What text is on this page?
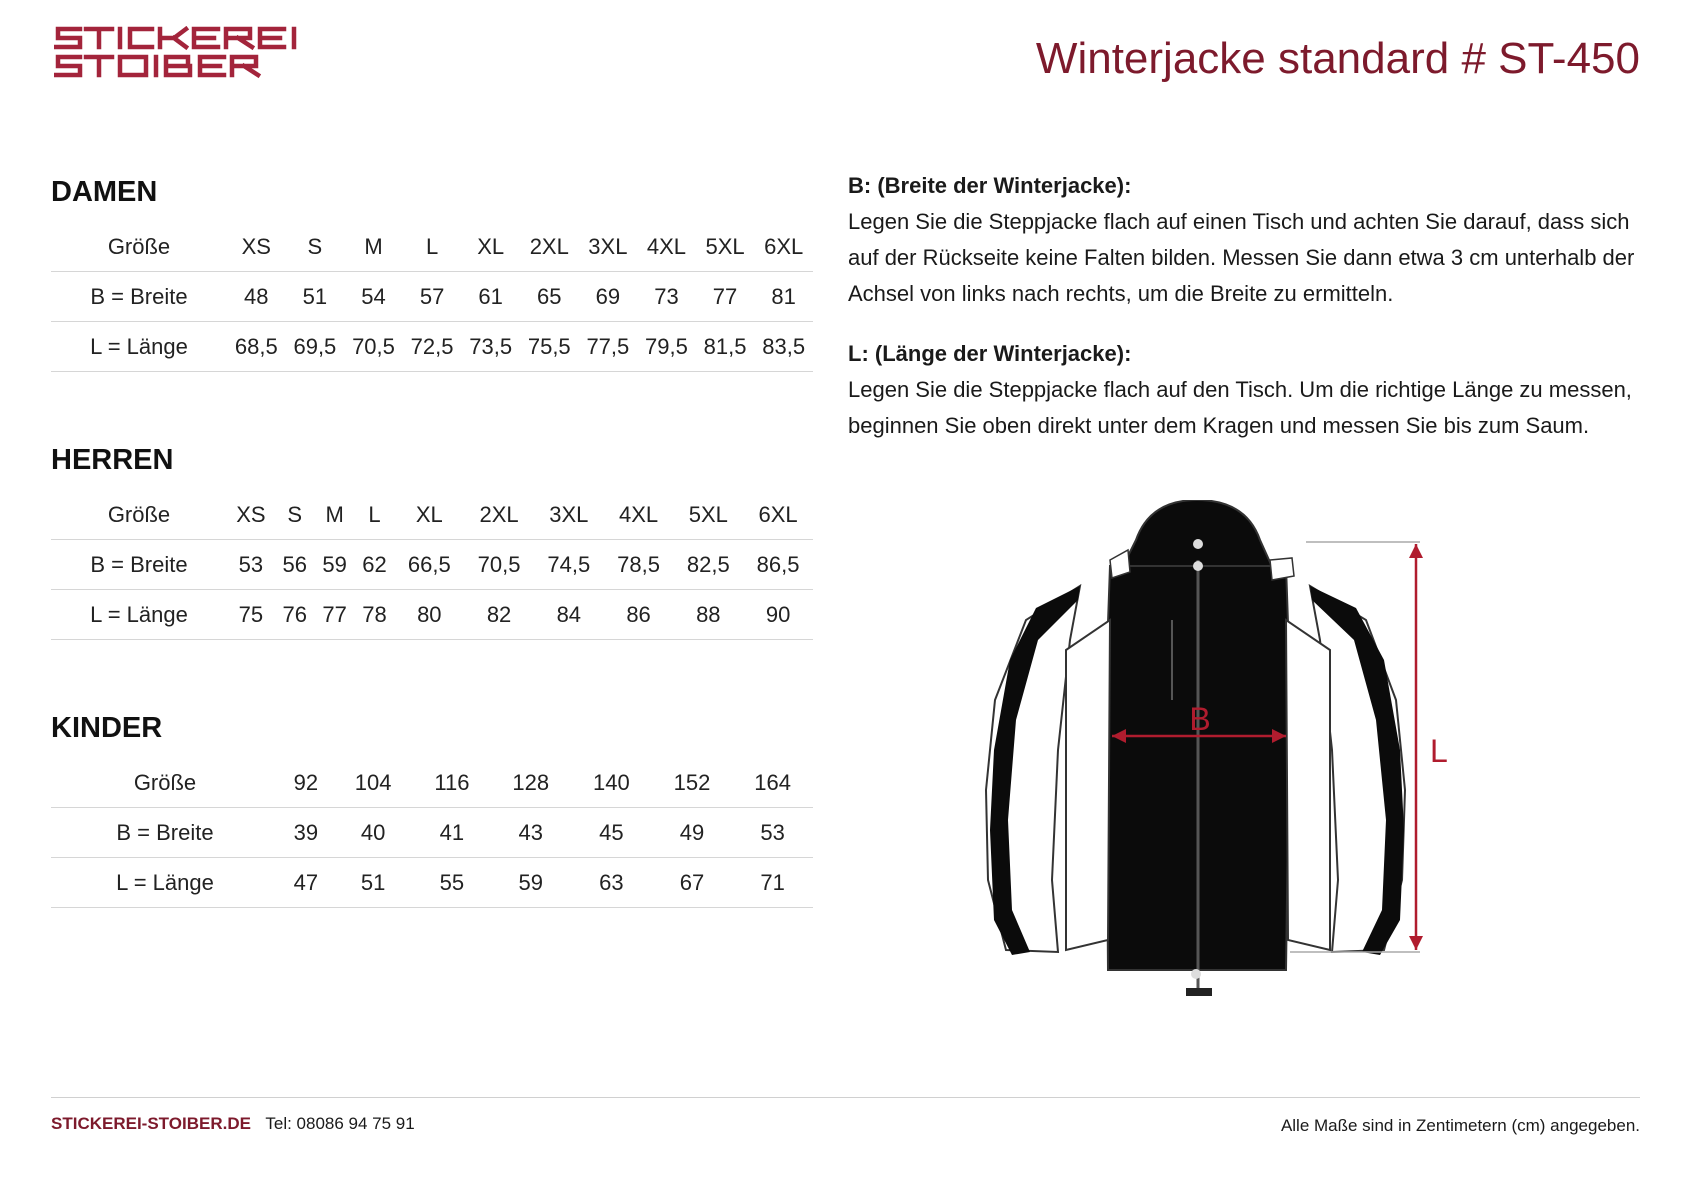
Winterjacke standard # ST-450
DAMEN
Größe	XS	S	M	L	XL	2XL	3XL	4XL	5XL	6XL
B = Breite	48	51	54	57	61	65	69	73	77	81
L = Länge	68,5	69,5	70,5	72,5	73,5	75,5	77,5	79,5	81,5	83,5
HERREN
Größe	XS	S	M	L	XL	2XL	3XL	4XL	5XL	6XL
B = Breite	53	56	59	62	66,5	70,5	74,5	78,5	82,5	86,5
L = Länge	75	76	77	78	80	82	84	86	88	90
KINDER
Größe	92	104	116	128	140	152	164
B = Breite	39	40	41	43	45	49	53
L = Länge	47	51	55	59	63	67	71
B: (Breite der Winterjacke):

Legen Sie die Steppjacke flach auf einen Tisch und achten Sie darauf, dass sich auf der Rückseite keine Falten bilden. Messen Sie dann etwa 3 cm unterhalb der Achsel von links nach rechts, um die Breite zu ermitteln.

L: (Länge der Winterjacke):

Legen Sie die Steppjacke flach auf den Tisch. Um die richtige Länge zu messen, beginnen Sie oben direkt unter dem Kragen und messen Sie bis zum Saum.

B
L
STICKEREI-STOIBER.DE Tel: 08086 94 75 91	Alle Maße sind in Zentimetern (cm) angegeben.
